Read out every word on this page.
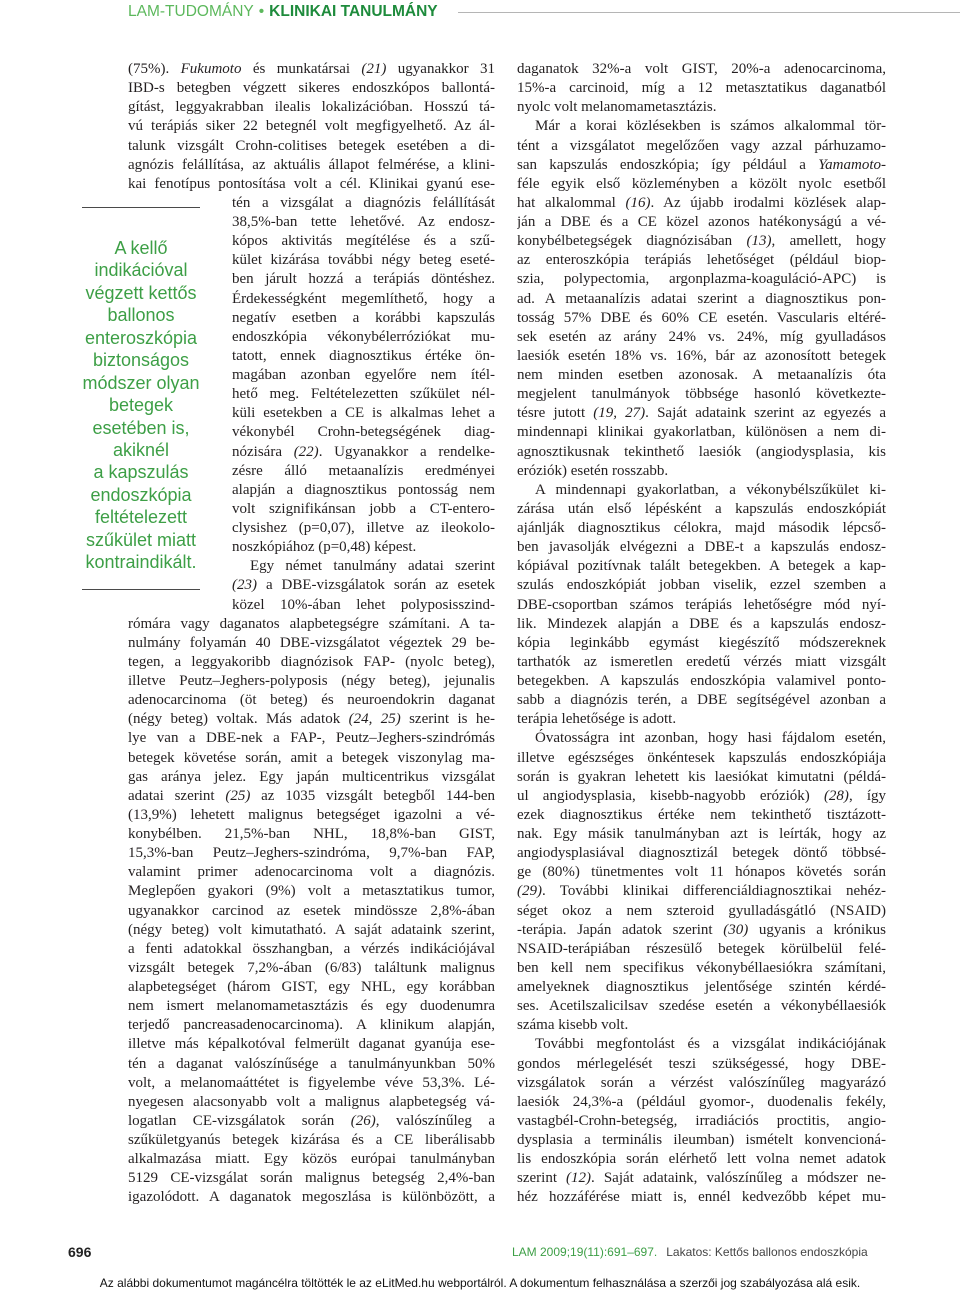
LAM-TUDOMÁNY • KLINIKAI TANULMÁNY
A kellő
indikációval
végzett kettős
ballonos
enteroszkópia
biztonságos
módszer olyan
betegek
esetében is,
akiknél
a kapszulás
endoszkópia
feltételezett
szűkület miatt
kontraindikált.
(75%). Fukumoto és munkatársai (21) ugyanakkor 31
IBD-s betegben végzett sikeres endoszkópos ballontá-
gítást, leggyakrabban ilealis lokalizációban. Hosszú tá-
vú terápiás siker 22 betegnél volt megfigyelhető. Az ál-
talunk vizsgált Crohn-colitises betegek esetében a di-
agnózis felállítása, az aktuális állapot felmérése, a klini-
kai fenotípus pontosítása volt a cél. Klinikai gyanú ese-
tén a vizsgálat a diagnózis felállítását
38,5%-ban tette lehetővé. Az endosz-
kópos aktivitás megítélése és a szű-
kület kizárása további négy beteg eseté-
ben járult hozzá a terápiás döntéshez.
Érdekességként megemlíthető, hogy a
negatív esetben a korábbi kapszulás
endoszkópia vékonybélerróziókat mu-
tatott, ennek diagnosztikus értéke ön-
magában azonban egyelőre nem ítél-
hető meg. Feltételezetten szűkület nél-
küli esetekben a CE is alkalmas lehet a
vékonybél Crohn-betegségének diag-
nózisára (22). Ugyanakkor a rendelke-
zésre álló metaanalízis eredményei
alapján a diagnosztikus pontosság nem
volt szignifikánsan jobb a CT-entero-
clysishez (p=0,07), illetve az ileokolo-
noszkópiához (p=0,48) képest.
Egy német tanulmány adatai szerint
(23) a DBE-vizsgálatok során az esetek
közel 10%-ában lehet polyposisszind-
rómára vagy daganatos alapbetegségre számítani. A ta-
nulmány folyamán 40 DBE-vizsgálatot végeztek 29 be-
tegen, a leggyakoribb diagnózisok FAP- (nyolc beteg),
illetve Peutz–Jeghers-polyposis (négy beteg), jejunalis
adenocarcinoma (öt beteg) és neuroendokrin daganat
(négy beteg) voltak. Más adatok (24, 25) szerint is he-
lye van a DBE-nek a FAP-, Peutz–Jeghers-szindrómás
betegek követése során, amit a betegek viszonylag ma-
gas aránya jelez. Egy japán multicentrikus vizsgálat
adatai szerint (25) az 1035 vizsgált betegből 144-ben
(13,9%) lehetett malignus betegséget igazolni a vé-
konybélben. 21,5%-ban NHL, 18,8%-ban GIST,
15,3%-ban Peutz–Jeghers-szindróma, 9,7%-ban FAP,
valamint primer adenocarcinoma volt a diagnózis.
Meglepően gyakori (9%) volt a metasztatikus tumor,
ugyanakkor carcinod az esetek mindössze 2,8%-ában
(négy beteg) volt kimutatható. A saját adataink szerint,
a fenti adatokkal összhangban, a vérzés indikációjával
vizsgált betegek 7,2%-ában (6/83) találtunk malignus
alapbetegséget (három GIST, egy NHL, egy korábban
nem ismert melanomametasztázis és egy duodenumra
terjedő pancreasadenocarcinoma). A klinikum alapján,
illetve más képalkotóval felmerült daganat gyanúja ese-
tén a daganat valószínűsége a tanulmányunkban 50%
volt, a melanomaáttétet is figyelembe véve 53,3%. Lé-
nyegesen alacsonyabb volt a malignus alapbetegség vá-
logatlan CE-vizsgálatok során (26), valószínűleg a
szűkületgyanús betegek kizárása és a CE liberálisabb
alkalmazása miatt. Egy közös európai tanulmányban
5129 CE-vizsgálat során malignus betegség 2,4%-ban
igazolódott. A daganatok megoszlása is különbözött, a
daganatok 32%-a volt GIST, 20%-a adenocarcinoma,
15%-a carcinoid, míg a 12 metasztatikus daganatból
nyolc volt melanomametasztázis.
Már a korai közlésekben is számos alkalommal tör-
tént a vizsgálatot megelőzően vagy azzal párhuzamo-
san kapszulás endoszkópia; így például a Yamamoto-
féle egyik első közleményben a közölt nyolc esetből
hat alkalommal (16). Az újabb irodalmi közlések alap-
ján a DBE és a CE közel azonos hatékonyságú a vé-
konybélbetegségek diagnózisában (13), amellett, hogy
az enteroszkópia terápiás lehetőséget (például biop-
szia, polypectomia, argonplazma-koaguláció-APC) is
ad. A metaanalízis adatai szerint a diagnosztikus pon-
tosság 57% DBE és 60% CE esetén. Vascularis eltéré-
sek esetén az arány 24% vs. 24%, míg gyulladásos
laesiók esetén 18% vs. 16%, bár az azonosított betegek
nem minden esetben azonosak. A metaanalízis óta
megjelent tanulmányok többsége hasonló következte-
tésre jutott (19, 27). Saját adataink szerint az egyezés a
mindennapi klinikai gyakorlatban, különösen a nem di-
agnosztikusnak tekinthető laesiók (angiodysplasia, kis
eróziók) esetén rosszabb.
A mindennapi gyakorlatban, a vékonybélszűkület ki-
zárása után első lépésként a kapszulás endoszkópiát
ajánlják diagnosztikus célokra, majd második lépcső-
ben javasolják elvégezni a DBE-t a kapszulás endosz-
kópiával pozitívnak talált betegekben. A betegek a kap-
szulás endoszkópiát jobban viselik, ezzel szemben a
DBE-csoportban számos terápiás lehetőségre mód nyí-
lik. Mindezek alapján a DBE és a kapszulás endosz-
kópia leginkább egymást kiegészítő módszereknek
tarthatók az ismeretlen eredetű vérzés miatt vizsgált
betegekben. A kapszulás endoszkópia valamivel ponto-
sabb a diagnózis terén, a DBE segítségével azonban a
terápia lehetősége is adott.
Óvatosságra int azonban, hogy hasi fájdalom esetén,
illetve egészséges önkéntesek kapszulás endoszkópiája
során is gyakran lehetett kis laesiókat kimutatni (példá-
ul angiodysplasia, kisebb-nagyobb eróziók) (28), így
ezek diagnosztikus értéke nem tekinthető tisztázott-
nak. Egy másik tanulmányban azt is leírták, hogy az
angiodysplasiával diagnosztizál betegek döntő többsé-
ge (80%) tünetmentes volt 11 hónapos követés során
(29). További klinikai differenciáldiagnosztikai nehéz-
séget okoz a nem szteroid gyulladásgátló (NSAID)
-terápia. Japán adatok szerint (30) ugyanis a krónikus
NSAID-terápiában részesülő betegek körülbelül felé-
ben kell nem specifikus vékonybéllaesiókra számítani,
amelyeknek diagnosztikus jelentősége szintén kérdé-
ses. Acetilszalicilsav szedése esetén a vékonybéllaesiók
száma kisebb volt.
További megfontolást és a vizsgálat indikációjának
gondos mérlegelését teszi szükségessé, hogy DBE-
vizsgálatok során a vérzést valószínűleg magyarázó
laesiók 24,3%-a (például gyomor-, duodenalis fekély,
vastagbél-Crohn-betegség, irradiációs proctitis, angio-
dysplasia a terminális ileumban) ismételt konvencioná-
lis endoszkópia során elérhető lett volna nemet adatok
szerint (12). Saját adataink, valószínűleg a módszer ne-
héz hozzáférése miatt is, ennél kedvezőbb képet mu-
696	LAM 2009;19(11):691–697. Lakatos: Kettős ballonos endoszkópia
Az alábbi dokumentumot magáncélra töltötték le az eLitMed.hu webportálról. A dokumentum felhasználása a szerzői jog szabályozása alá esik.
